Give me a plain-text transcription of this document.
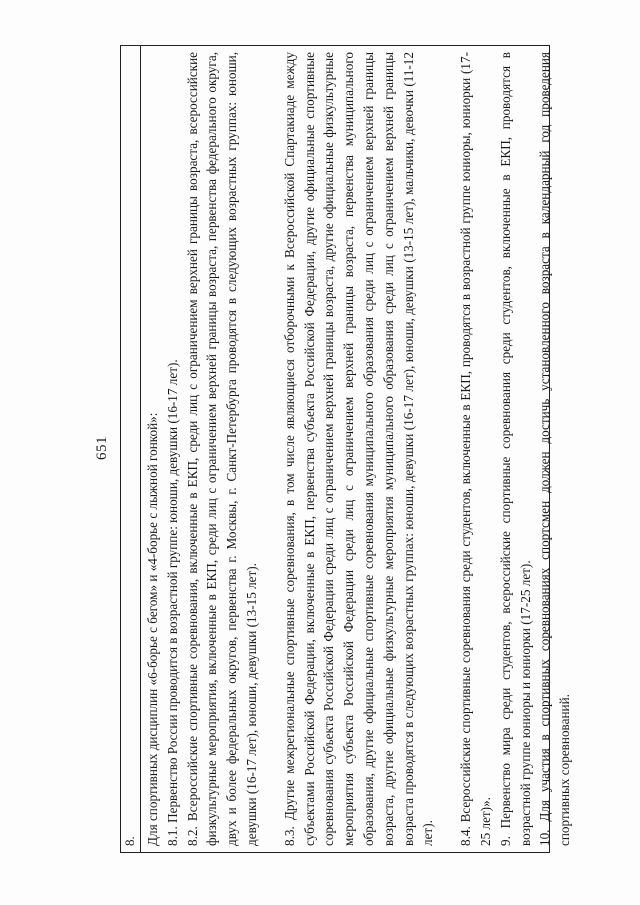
651
8. Для спортивных дисциплин «6-борье с бегом» и «4-борье с лыжной гонкой»: 8.1. Первенство России проводится в возрастной группе: юноши, девушки (16-17 лет). 8.2. Всероссийские спортивные соревнования, включенные в ЕКП, среди лиц с ограничением верхней границы возраста, всероссийские физкультурные мероприятия, включенные в ЕКП, среди лиц с ограничением верхней границы возраста, первенства федерального округа, двух и более федеральных округов, первенства г. Москвы, г. Санкт-Петербурга проводятся в следующих возрастных группах: юноши, девушки (16-17 лет), юноши, девушки (13-15 лет). 8.3. Другие межрегиональные спортивные соревнования, в том числе являющиеся отборочными к Всероссийской Спартакиаде между субъектами Российской Федерации, включенные в ЕКП, первенства субъекта Российской Федерации, другие официальные спортивные соревнования субъекта Российской Федерации среди лиц с ограничением верхней границы возраста, другие официальные физкультурные мероприятия субъекта Российской Федерации среди лиц с ограничением верхней границы возраста, первенства муниципального образования, другие официальные спортивные соревнования муниципального образования среди лиц с ограничением верхней границы возраста, другие официальные физкультурные мероприятия муниципального образования среди лиц с ограничением верхней границы возраста проводятся в следующих возрастных группах: юноши, девушки (16-17 лет), юноши, девушки (13-15 лет), мальчики, девочки (11-12 лет). 8.4. Всероссийские спортивные соревнования среди студентов, включенные в ЕКП, проводятся в возрастной группе юниоры, юниорки (17-25 лет)». 9. Первенство мира среди студентов, всероссийские спортивные соревнования среди студентов, включенные в ЕКП, проводятся в возрастной группе юниоры и юниорки (17-25 лет). 10. Для участия в спортивных соревнованиях спортсмен должен достичь установленного возраста в календарный год проведения спортивных соревнований.
